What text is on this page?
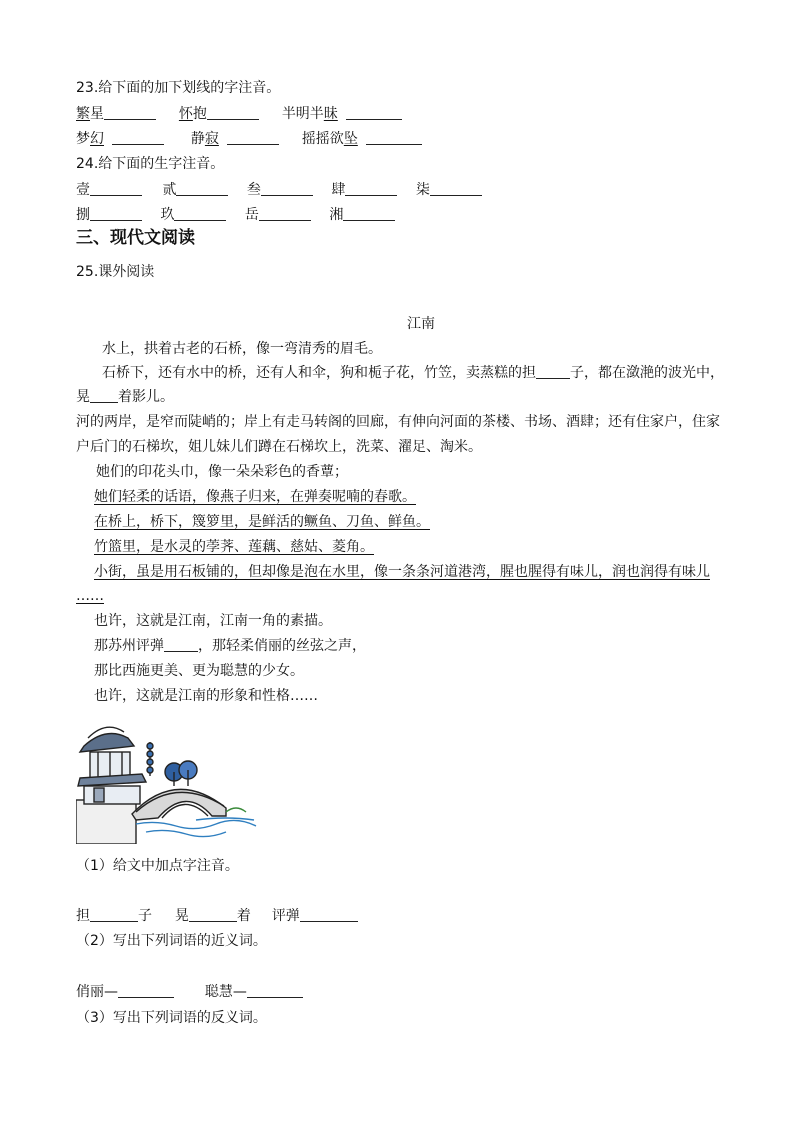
23.给下面的加下划线的字注音。
繁星	怀抱	半明半昧
梦幻	静寂	摇摇欲坠
24.给下面的生字注音。
壹	贰	叁	肆	柒
捌	玖	岳	湘
三、现代文阅读
25.课外阅读
江南
水上，拱着古老的石桥，像一弯清秀的眉毛。
石桥下，还有水中的桥，还有人和伞，狗和栀子花，竹笠，卖蒸糕的担 子，都在潋滟的波光中，
晃 着影儿。
河的两岸，是窄而陡峭的；岸上有走马转阁的回廊，有伸向河面的茶楼、书场、酒肆；还有住家户，住家
户后门的石梯坎，姐儿妹儿们蹲在石梯坎上，洗菜、濯足、淘米。
她们的印花头巾，像一朵朵彩色的香蕈；
她们轻柔的话语，像燕子归来，在弹奏呢喃的春歌。
在桥上，桥下，篾箩里，是鲜活的鳜鱼、刀鱼、鲜鱼。
竹篮里，是水灵的荸荠、莲藕、慈姑、菱角。
小街，虽是用石板铺的，但却像是泡在水里，像一条条河道港湾，腥也腥得有味儿，润也润得有味儿
……
也许，这就是江南，江南一角的素描。
那苏州评弹 ，那轻柔俏丽的丝弦之声，
那比西施更美、更为聪慧的少女。
也许，这就是江南的形象和性格……
（1）给文中加点字注音。
担	子 晃	着 评弹
（2）写出下列词语的近义词。
俏丽—	聪慧—
（3）写出下列词语的反义词。
